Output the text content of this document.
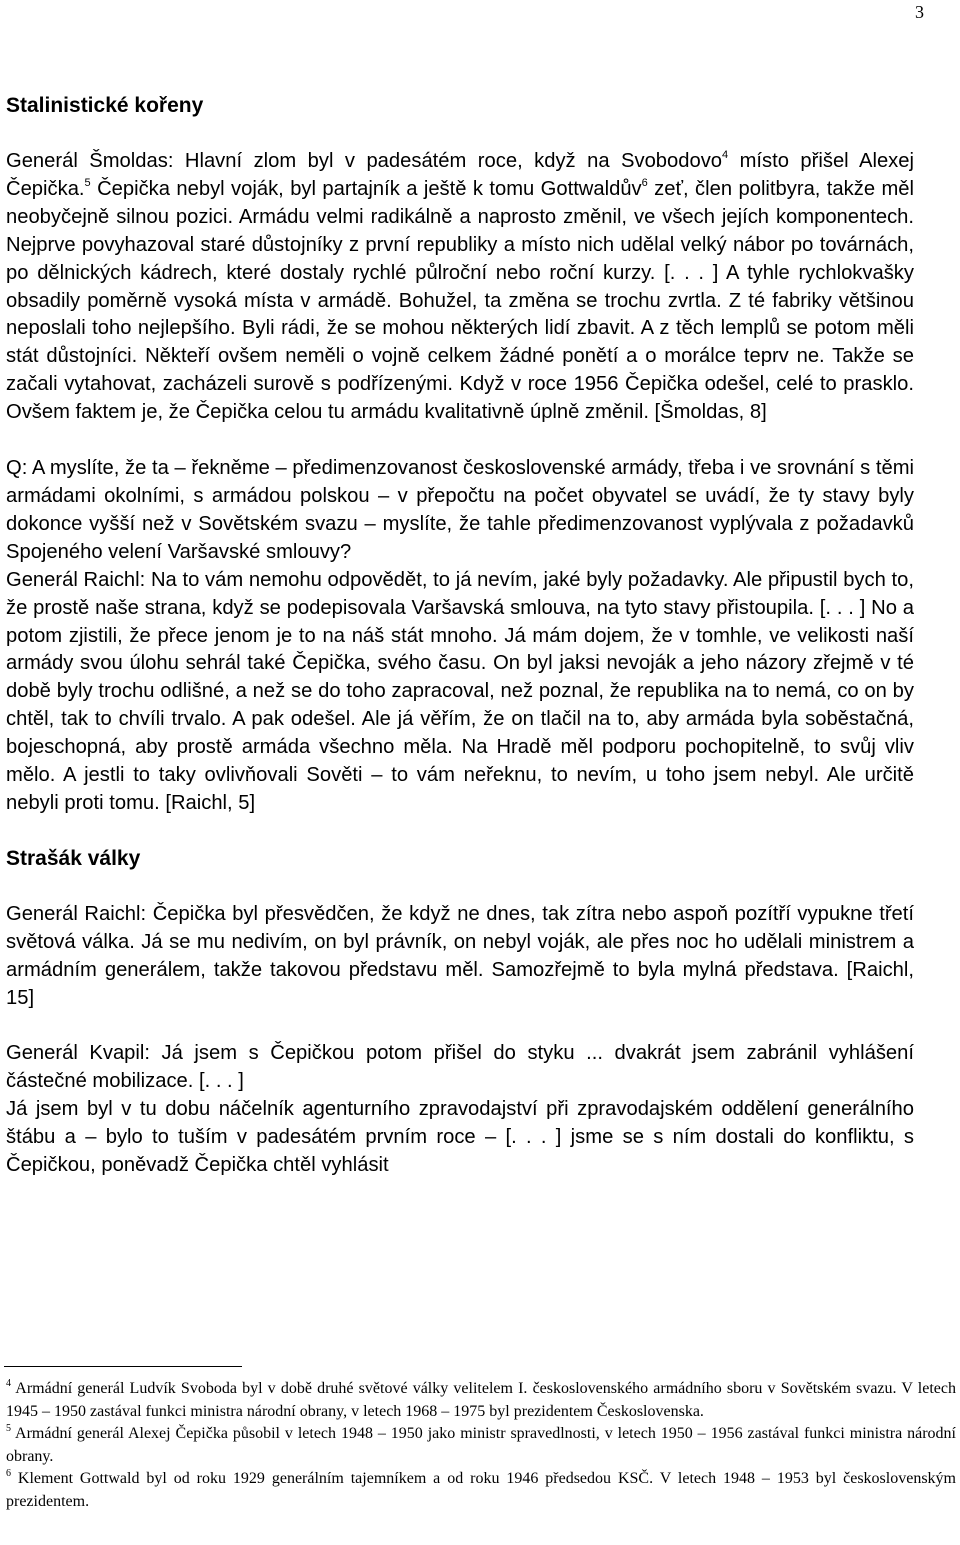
3
Stalinistické kořeny

Generál Šmoldas: Hlavní zlom byl v padesátém roce, když na Svobodovo$^4$ místo přišel Alexej Čepička.$^5$ Čepička nebyl voják, byl partajník a ještě k tomu Gottwaldův$^6$ zeť, člen politbyra, takže měl neobyčejně silnou pozici. Armádu velmi radikálně a naprosto změnil, ve všech jejích komponentech. Nejprve povyhazoval staré důstojníky z první republiky a místo nich udělal velký nábor po továrnách, po dělnických kádrech, které dostaly rychlé půlroční nebo roční kurzy. [. . . ] A tyhle rychlokvašky obsadily poměrně vysoká místa v armádě. Bohužel, ta změna se trochu zvrtla. Z té fabriky většinou neposlali toho nejlepšího. Byli rádi, že se mohou některých lidí zbavit. A z těch lemplů se potom měli stát důstojníci. Někteří ovšem neměli o vojně celkem žádné ponětí a o morálce teprv ne. Takže se začali vytahovat, zacházeli surově s podřízenými. Když v roce 1956 Čepička odešel, celé to prasklo. Ovšem faktem je, že Čepička celou tu armádu kvalitativně úplně změnil. [Šmoldas, 8]

Q: A myslíte, že ta – řekněme – předimenzovanost československé armády, třeba i ve srovnání s těmi armádami okolními, s armádou polskou – v přepočtu na počet obyvatel se uvádí, že ty stavy byly dokonce vyšší než v Sovětském svazu – myslíte, že tahle předimenzovanost vyplývala z požadavků Spojeného velení Varšavské smlouvy?

Generál Raichl: Na to vám nemohu odpovědět, to já nevím, jaké byly požadavky. Ale připustil bych to, že prostě naše strana, když se podepisovala Varšavská smlouva, na tyto stavy přistoupila. [. . . ] No a potom zjistili, že přece jenom je to na náš stát mnoho. Já mám dojem, že v tomhle, ve velikosti naší armády svou úlohu sehrál také Čepička, svého času. On byl jaksi nevoják a jeho názory zřejmě v té době byly trochu odlišné, a než se do toho zapracoval, než poznal, že republika na to nemá, co on by chtěl, tak to chvíli trvalo. A pak odešel. Ale já věřím, že on tlačil na to, aby armáda byla soběstačná, bojeschopná, aby prostě armáda všechno měla. Na Hradě měl podporu pochopitelně, to svůj vliv mělo. A jestli to taky ovlivňovali Sověti – to vám neřeknu, to nevím, u toho jsem nebyl. Ale určitě nebyli proti tomu. [Raichl, 5]

Strašák války

Generál Raichl: Čepička byl přesvědčen, že když ne dnes, tak zítra nebo aspoň pozítří vypukne třetí světová válka. Já se mu nedivím, on byl právník, on nebyl voják, ale přes noc ho udělali ministrem a armádním generálem, takže takovou představu měl. Samozřejmě to byla mylná představa. [Raichl, 15]

Generál Kvapil: Já jsem s Čepičkou potom přišel do styku ... dvakrát jsem zabránil vyhlášení částečné mobilizace. [. . . ]

Já jsem byl v tu dobu náčelník agenturního zpravodajství při zpravodajském oddělení generálního štábu a – bylo to tuším v padesátém prvním roce – [. . . ] jsme se s ním dostali do konfliktu, s Čepičkou, poněvadž Čepička chtěl vyhlásit

$^4$ Armádní generál Ludvík Svoboda byl v době druhé světové války velitelem I. československého armádního sboru v Sovětském svazu. V letech 1945 – 1950 zastával funkci ministra národní obrany, v letech 1968 – 1975 byl prezidentem Československa.

$^5$ Armádní generál Alexej Čepička působil v letech 1948 – 1950 jako ministr spravedlnosti, v letech 1950 – 1956 zastával funkci ministra národní obrany.

$^6$ Klement Gottwald byl od roku 1929 generálním tajemníkem a od roku 1946 předsedou KSČ. V letech 1948 – 1953 byl československým prezidentem.
